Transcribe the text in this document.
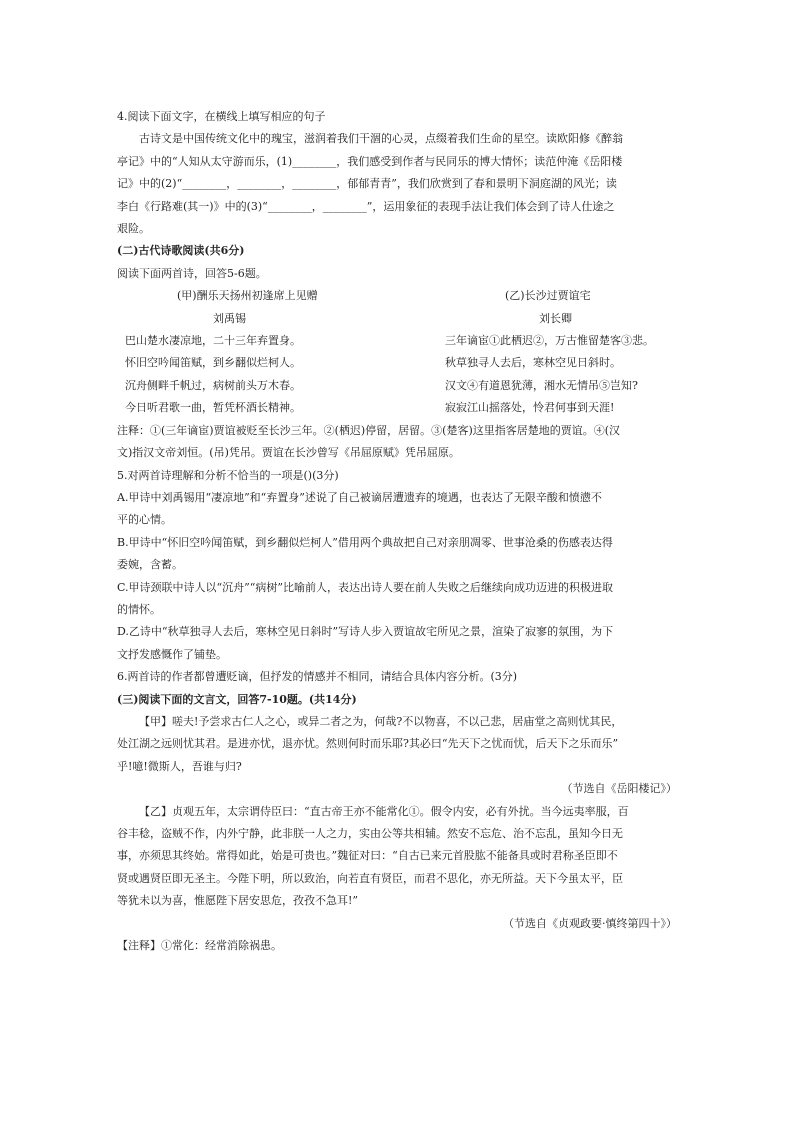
4.阅读下面文字，在横线上填写相应的句子
古诗文是中国传统文化中的瑰宝，滋润着我们干涸的心灵，点缀着我们生命的星空。读欧阳修《醉翁
亭记》中的“人知从太守游而乐，(1)________，我们感受到作者与民同乐的博大情怀；读范仲淹《岳阳楼
记》中的(2)“________，________，________，郁郁青青”，我们欣赏到了春和景明下洞庭湖的风光；读
李白《行路难(其一)》中的(3)“________，________”，运用象征的表现手法让我们体会到了诗人仕途之
艰险。
(二)古代诗歌阅读(共6分)
阅读下面两首诗，回答5-6题。
(甲)酬乐天扬州初逢席上见赠
刘禹锡
巴山楚水凄凉地，二十三年弃置身。
怀旧空吟闻笛赋，到乡翻似烂柯人。
沉舟侧畔千帆过，病树前头万木春。
今日听君歌一曲，暂凭杯酒长精神。
(乙)长沙过贾谊宅
刘长卿
三年谪宦①此栖迟②，万古惟留楚客③悲。
秋草独寻人去后，寒林空见日斜时。
汉文④有道恩犹薄，湘水无情吊⑤岂知?
寂寂江山摇落处，怜君何事到天涯!
注释：①(三年谪宦)贾谊被贬至长沙三年。②(栖迟)停留，居留。③(楚客)这里指客居楚地的贾谊。④(汉
文)指汉文帝刘恒。(吊)凭吊。贾谊在长沙曾写《吊屈原赋》凭吊屈原。
5.对两首诗理解和分析不恰当的一项是()(3分)
A.甲诗中刘禹锡用“凄凉地”和“弃置身”述说了自己被谪居遭遗弃的境遇，也表达了无限辛酸和愤懑不
平的心情。
B.甲诗中“怀旧空吟闻笛赋，到乡翻似烂柯人”借用两个典故把自己对亲朋凋零、世事沧桑的伤感表达得
委婉，含蓄。
C.甲诗颈联中诗人以“沉舟”“病树”比喻前人，表达出诗人要在前人失败之后继续向成功迈进的积极进取
的情怀。
D.乙诗中“秋草独寻人去后，寒林空见日斜时”写诗人步入贾谊故宅所见之景，渲染了寂寥的氛围，为下
文抒发感慨作了铺垫。
6.两首诗的作者都曾遭贬谪，但抒发的情感并不相同，请结合具体内容分析。(3分)
(三)阅读下面的文言文，回答7-10题。(共14分)
【甲】嗟夫!予尝求古仁人之心，或异二者之为，何哉?不以物喜，不以己悲，居庙堂之高则忧其民，
处江湖之远则忧其君。是进亦忧，退亦忧。然则何时而乐耶?其必曰“先天下之忧而忧，后天下之乐而乐”
乎!噫!微斯人，吾谁与归?
（节选自《岳阳楼记》）
【乙】贞观五年，太宗谓侍臣曰：“直古帝王亦不能常化①。假令内安，必有外扰。当今远夷率服，百
谷丰稔，盗贼不作，内外宁静，此非朕一人之力，实由公等共相辅。然安不忘危、治不忘乱，虽知今日无
事，亦须思其终始。常得如此，始是可贵也。”魏征对曰：“自古已来元首股肱不能备具或时君称圣臣即不
贤或遇贤臣即无圣主。今陛下明，所以致治，向若直有贤臣，而君不思化，亦无所益。天下今虽太平，臣
等犹未以为喜，惟愿陛下居安思危，孜孜不急耳!”
（节选自《贞观政要·慎终第四十》）
【注释】①常化：经常消除祸患。
